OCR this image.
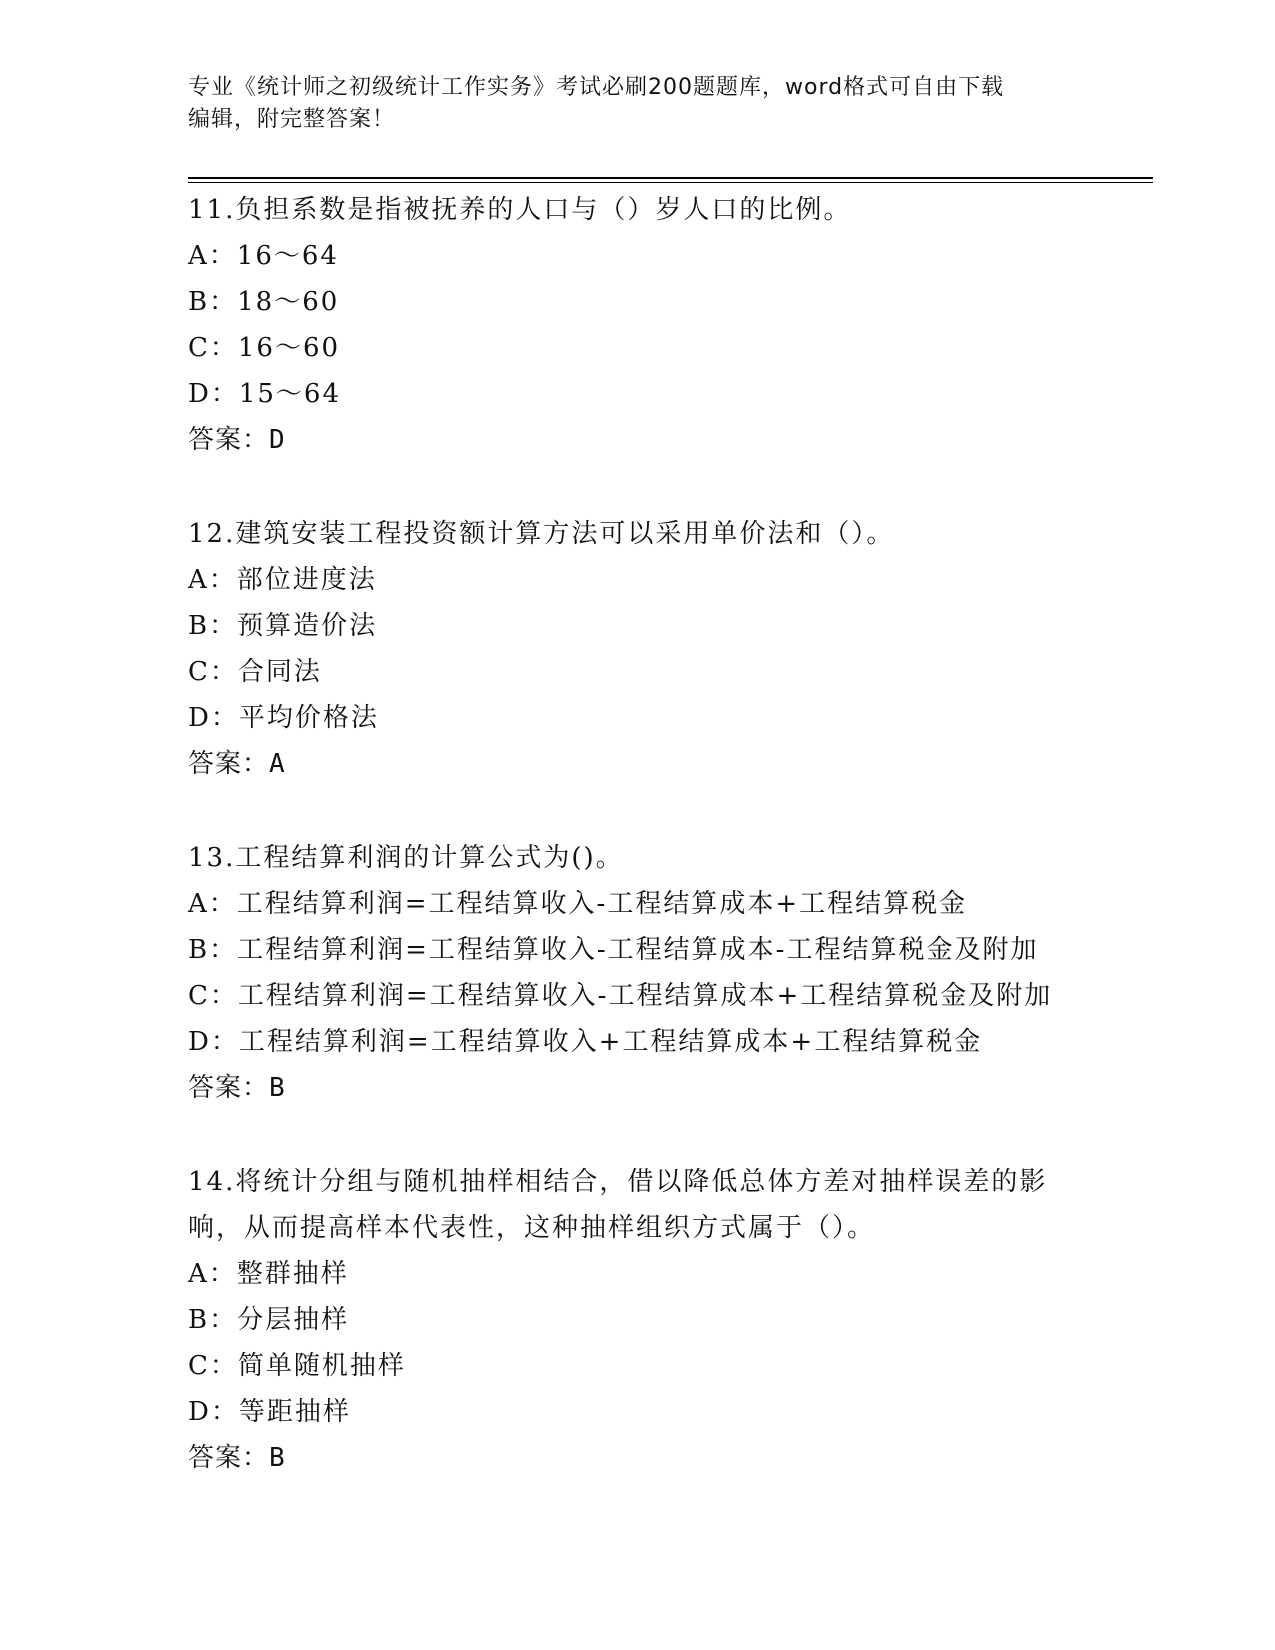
专业《统计师之初级统计工作实务》考试必刷200题题库，word格式可自由下载
编辑，附完整答案！

11.负担系数是指被抚养的人口与（）岁人口的比例。

A：16～64

B：18～60

C：16～60

D：15～64

答案：D

12.建筑安装工程投资额计算方法可以采用单价法和（）。

A：部位进度法

B：预算造价法

C：合同法

D：平均价格法

答案：A

13.工程结算利润的计算公式为()。

A：工程结算利润=工程结算收入-工程结算成本+工程结算税金

B：工程结算利润=工程结算收入-工程结算成本-工程结算税金及附加

C：工程结算利润=工程结算收入-工程结算成本+工程结算税金及附加

D：工程结算利润=工程结算收入+工程结算成本+工程结算税金

答案：B

14.将统计分组与随机抽样相结合，借以降低总体方差对抽样误差的影响，从而提高样本代表性，这种抽样组织方式属于（）。

A：整群抽样

B：分层抽样

C：简单随机抽样

D：等距抽样

答案：B
